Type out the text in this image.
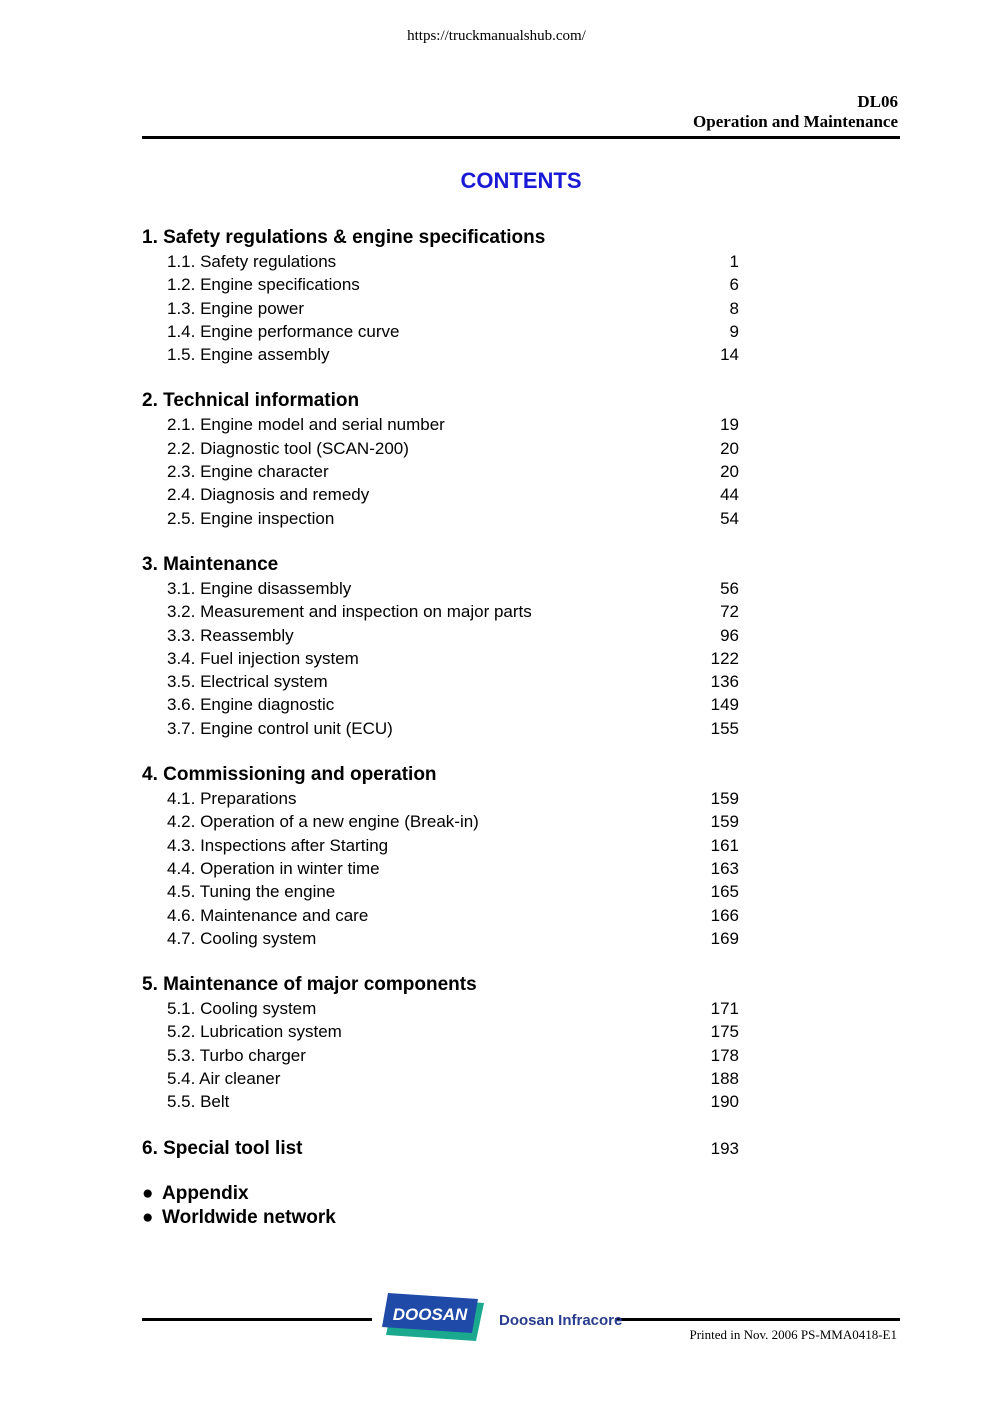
https://truckmanualshub.com/
DL06
Operation and Maintenance
CONTENTS
1. Safety regulations & engine specifications
1.1. Safety regulations	1
1.2. Engine specifications	6
1.3. Engine power	8
1.4. Engine performance curve	9
1.5. Engine assembly	14
2. Technical information
2.1. Engine model and serial number	19
2.2. Diagnostic tool (SCAN-200)	20
2.3. Engine character	20
2.4. Diagnosis and remedy	44
2.5. Engine inspection	54
3. Maintenance
3.1. Engine disassembly	56
3.2. Measurement and inspection on major parts	72
3.3. Reassembly	96
3.4. Fuel injection system	122
3.5. Electrical system	136
3.6. Engine diagnostic	149
3.7. Engine control unit (ECU)	155
4. Commissioning and operation
4.1. Preparations	159
4.2. Operation of a new engine (Break-in)	159
4.3. Inspections after Starting	161
4.4. Operation in winter time	163
4.5. Tuning the engine	165
4.6. Maintenance and care	166
4.7. Cooling system	169
5. Maintenance of major components
5.1. Cooling system	171
5.2. Lubrication system	175
5.3. Turbo charger	178
5.4. Air cleaner	188
5.5. Belt	190
6. Special tool list	193
● Appendix
● Worldwide network
DOOSAN Doosan Infracore
Printed in Nov. 2006 PS-MMA0418-E1
